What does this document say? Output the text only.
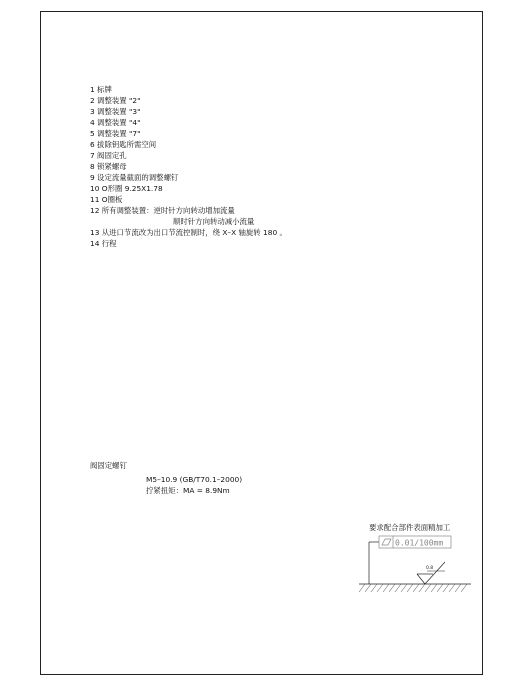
1 标牌
2 调整装置 "2"
3 调整装置 "3"
4 调整装置 "4"
5 调整装置 "7"
6 拔除钥匙所需空间
7 阀固定孔
8 锁紧螺母
9 设定流量截面的调整螺钉
10 O形圈 9.25X1.78
11 O圈板
12 所有调整装置：逆时针方向转动增加流量
顺时针方向转动减小流量
13 从进口节流改为出口节流控制时，绕 X–X 轴旋转 180 。
14 行程
阀固定螺钉
M5–10.9 (GB/T70.1–2000)
拧紧扭矩：MA = 8.9Nm
要求配合部件表面精加工
0.01/100mm
0.8
